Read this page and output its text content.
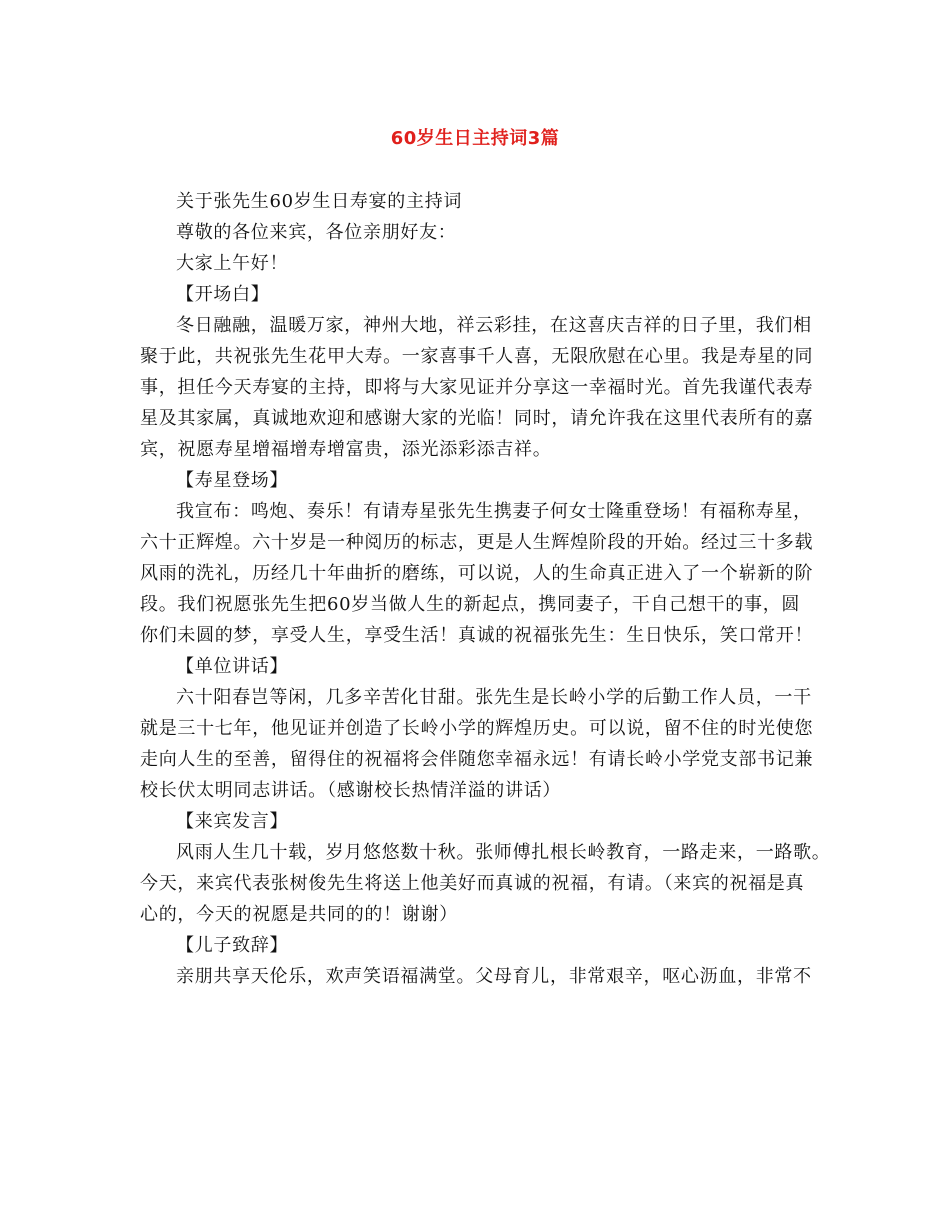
60岁生日主持词3篇
关于张先生60岁生日寿宴的主持词
尊敬的各位来宾，各位亲朋好友：
大家上午好！
【开场白】
冬日融融，温暖万家，神州大地，祥云彩挂，在这喜庆吉祥的日子里，我们相
聚于此，共祝张先生花甲大寿。一家喜事千人喜，无限欣慰在心里。我是寿星的同
事，担任今天寿宴的主持，即将与大家见证并分享这一幸福时光。首先我谨代表寿
星及其家属，真诚地欢迎和感谢大家的光临！同时，请允许我在这里代表所有的嘉
宾，祝愿寿星增福增寿增富贵，添光添彩添吉祥。
【寿星登场】
我宣布：鸣炮、奏乐！有请寿星张先生携妻子何女士隆重登场！有福称寿星，
六十正辉煌。六十岁是一种阅历的标志，更是人生辉煌阶段的开始。经过三十多载
风雨的洗礼，历经几十年曲折的磨练，可以说，人的生命真正进入了一个崭新的阶
段。我们祝愿张先生把60岁当做人生的新起点，携同妻子，干自己想干的事，圆
你们未圆的梦，享受人生，享受生活！真诚的祝福张先生：生日快乐，笑口常开！
【单位讲话】
六十阳春岂等闲，几多辛苦化甘甜。张先生是长岭小学的后勤工作人员，一干
就是三十七年，他见证并创造了长岭小学的辉煌历史。可以说，留不住的时光使您
走向人生的至善，留得住的祝福将会伴随您幸福永远！有请长岭小学党支部书记兼
校长伏太明同志讲话。（感谢校长热情洋溢的讲话）
【来宾发言】
风雨人生几十载，岁月悠悠数十秋。张师傅扎根长岭教育，一路走来，一路歌。
今天，来宾代表张树俊先生将送上他美好而真诚的祝福，有请。（来宾的祝福是真
心的，今天的祝愿是共同的的！谢谢）
【儿子致辞】
亲朋共享天伦乐，欢声笑语福满堂。父母育儿，非常艰辛，呕心沥血，非常不
